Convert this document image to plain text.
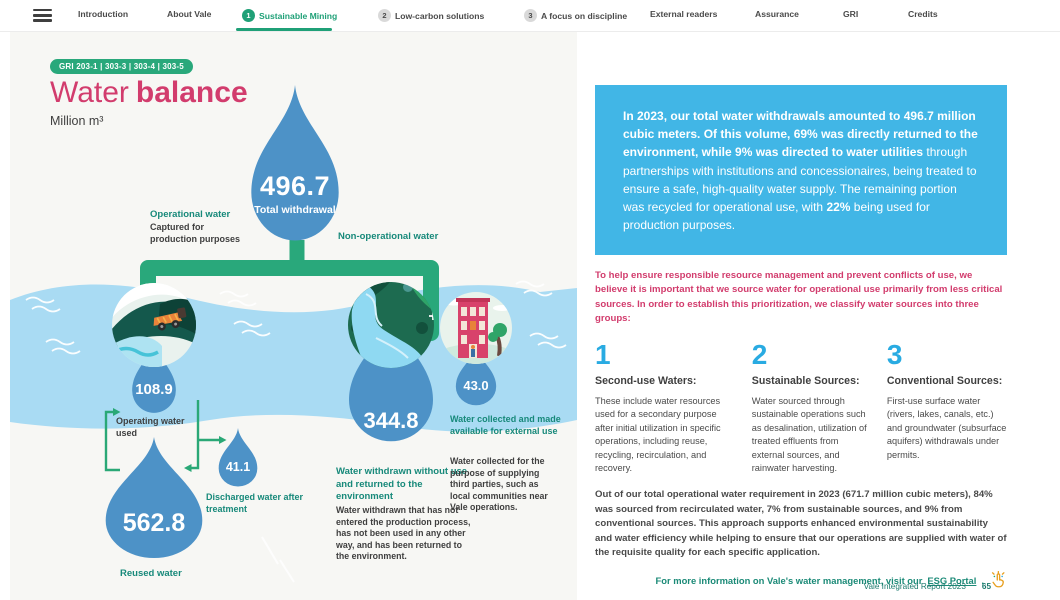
Introduction	About Vale	1 Sustainable Mining	2 Low-carbon solutions	3 A focus on discipline	External readers	Assurance	GRI	Credits
GRI 203-1 | 303-3 | 303-4 | 303-5
Water balance
Million m³
496.7
Total withdrawal
Operational water
Captured for production purposes	Non-operational water
108.9
Operating water used
41.1
Discharged water after treatment
562.8
Reused water
344.8
Water withdrawn without use and returned to the environment
Water withdrawn that has not entered the production process, has not been used in any other way, and has been returned to the environment.
43.0
Water collected and made available for external use
Water collected for the purpose of supplying third parties, such as local communities near Vale operations.
In 2023, our total water withdrawals amounted to 496.7 million cubic meters. Of this volume, 69% was directly returned to the environment, while 9% was directed to water utilities through partnerships with institutions and concessionaires, being treated to ensure a safe, high-quality water supply. The remaining portion was recycled for operational use, with 22% being used for production purposes.
To help ensure responsible resource management and prevent conflicts of use, we believe it is important that we source water for operational use primarily from less critical sources. In order to establish this prioritization, we classify water sources into three groups:
1
Second-use Waters:
These include water resources used for a secondary purpose after initial utilization in specific operations, including reuse, recycling, recirculation, and recovery.
2
Sustainable Sources:
Water sourced through sustainable operations such as desalination, utilization of treated effluents from external sources, and rainwater harvesting.
3
Conventional Sources:
First-use surface water (rivers, lakes, canals, etc.) and groundwater (subsurface aquifers) withdrawals under permits.
Out of our total operational water requirement in 2023 (671.7 million cubic meters), 84% was sourced from recirculated water, 7% from sustainable sources, and 9% from conventional sources. This approach supports enhanced environmental sustainability and water efficiency while helping to ensure that our operations are supplied with water of the requisite quality for each specific application.
For more information on Vale's water management, visit our ESG Portal .
Vale Integrated Report 2023 65
